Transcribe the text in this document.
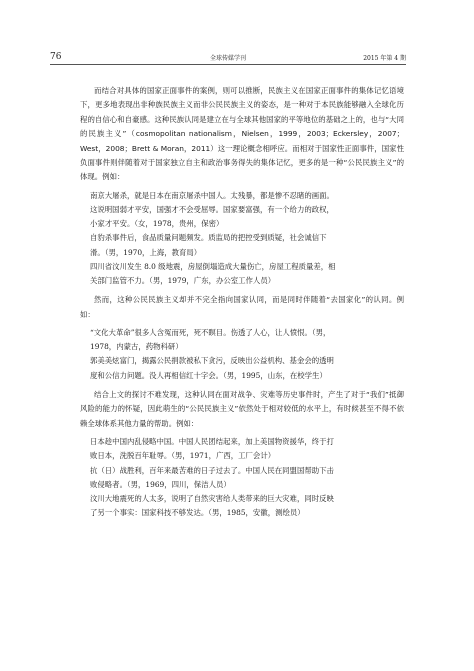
76	全球传媒学刊	2015 年第 4 期

而结合对具体的国家正面事件的案例，则可以推断，民族主义在国家正面事件的集体记忆语境下，更多地表现出非种族民族主义而非公民民族主义的姿态，是一种对于本民族能够融入全球化历程的自信心和自豪感。这种民族认同是建立在与全球其他国家的平等地位的基础之上的，也与“大同的民族主义”（cosmopolitan nationalism，Nielsen，1999，2003；Eckersley，2007；West，2008；Brett & Moran，2011）这一理论概念相呼应。而相对于国家性正面事件，国家性负面事件则伴随着对于国家独立自主和政治事务得失的集体记忆，更多的是一种“公民民族主义”的体现。例如：

南京大屠杀，就是日本在南京屠杀中国人。太残暴，都是惨不忍睹的画面。这说明国弱才平安，国强才不会受屈辱。国家要富强，有一个给力的政权，小家才平安。（女，1978，贵州，保密）

自豹杀事件后，食品质量问题频发。质监局的把控受到质疑，社会诚信下滑。（男，1970，上海，教育局）

四川省汶川发生 8.0 级地震，房屋倒塌造成大量伤亡，房屋工程质量差，相关部门监管不力。（男，1979，广东，办公室工作人员）

然而，这种公民民族主义却并不完全指向国家认同，而是同时伴随着“去国家化”的认同。例如：

“文化大革命”很多人含冤而死，死不瞑目。伤透了人心，让人愤恨。（男，1978，内蒙古，药物科研）

郭美美炫富门，揭露公民捐款被私下贪污，反映出公益机构、基金会的透明度和公信力问题。没人再相信红十字会。（男，1995，山东，在校学生）

结合上文的探讨不难发现，这种认同在面对战争、灾难等历史事件时，产生了对于“我们”抵御风险的能力的怀疑，因此萌生的“公民民族主义”依然处于相对较低的水平上，有时候甚至不得不依赖全球体系其他力量的帮助。例如：

日本趁中国内乱侵略中国。中国人民团结起来，加上美国物资援华，终于打败日本，洗脱百年耻辱。（男，1971，广西，工厂会计）

抗（日）战胜利，百年来最苦难的日子过去了。中国人民在同盟国帮助下击败侵略者。（男，1969，四川，保洁人员）

汶川大地震死的人太多，说明了自然灾害给人类带来的巨大灾难，同时反映了另一个事实：国家科技不够发达。（男，1985，安徽，测绘员）
